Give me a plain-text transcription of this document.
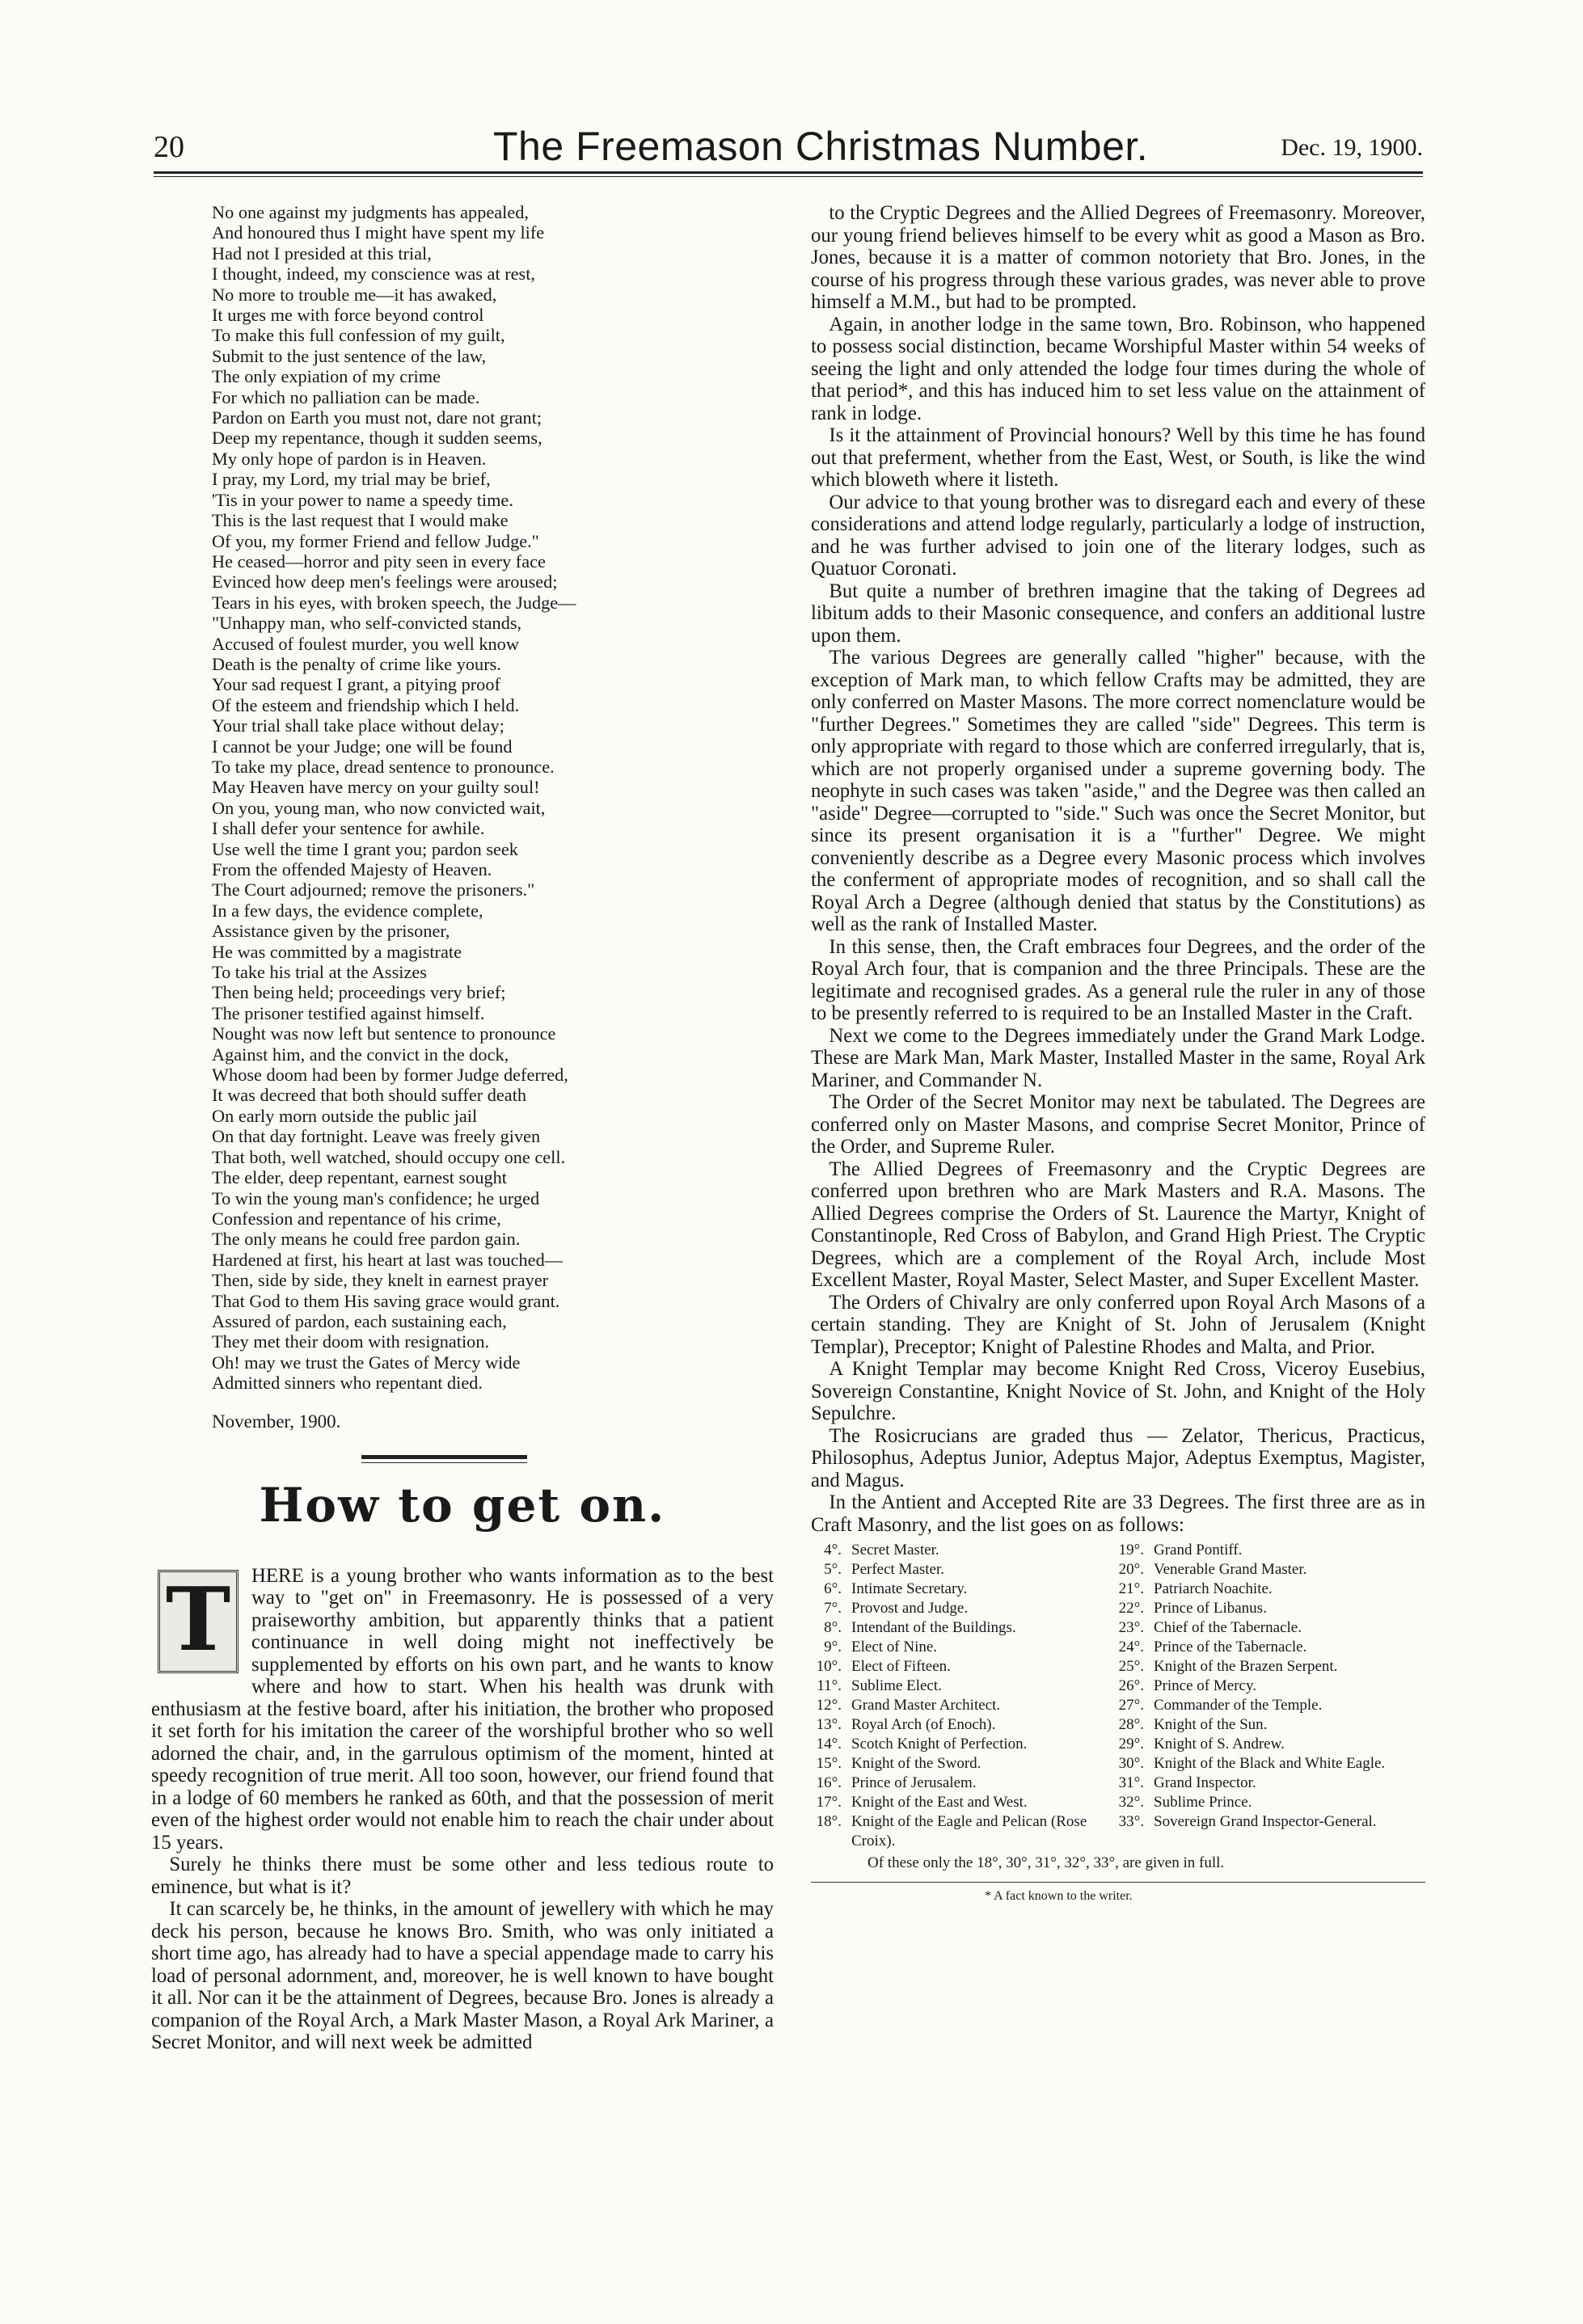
20	The Freemason Christmas Number.	Dec. 19, 1900.
No one against my judgments has appealed,
And honoured thus I might have spent my life
Had not I presided at this trial,
I thought, indeed, my conscience was at rest,
No more to trouble me—it has awaked,
It urges me with force beyond control
To make this full confession of my guilt,
Submit to the just sentence of the law,
The only expiation of my crime
For which no palliation can be made.
Pardon on Earth you must not, dare not grant;
Deep my repentance, though it sudden seems,
My only hope of pardon is in Heaven.
I pray, my Lord, my trial may be brief,
'Tis in your power to name a speedy time.
This is the last request that I would make
Of you, my former Friend and fellow Judge."
He ceased—horror and pity seen in every face
Evinced how deep men's feelings were aroused;
Tears in his eyes, with broken speech, the Judge—
"Unhappy man, who self-convicted stands,
Accused of foulest murder, you well know
Death is the penalty of crime like yours.
Your sad request I grant, a pitying proof
Of the esteem and friendship which I held.
Your trial shall take place without delay;
I cannot be your Judge; one will be found
To take my place, dread sentence to pronounce.
May Heaven have mercy on your guilty soul!
On you, young man, who now convicted wait,
I shall defer your sentence for awhile.
Use well the time I grant you; pardon seek
From the offended Majesty of Heaven.
The Court adjourned; remove the prisoners."
In a few days, the evidence complete,
Assistance given by the prisoner,
He was committed by a magistrate
To take his trial at the Assizes
Then being held; proceedings very brief;
The prisoner testified against himself.
Nought was now left but sentence to pronounce
Against him, and the convict in the dock,
Whose doom had been by former Judge deferred,
It was decreed that both should suffer death
On early morn outside the public jail
On that day fortnight. Leave was freely given
That both, well watched, should occupy one cell.
The elder, deep repentant, earnest sought
To win the young man's confidence; he urged
Confession and repentance of his crime,
The only means he could free pardon gain.
Hardened at first, his heart at last was touched—
Then, side by side, they knelt in earnest prayer
That God to them His saving grace would grant.
Assured of pardon, each sustaining each,
They met their doom with resignation.
Oh! may we trust the Gates of Mercy wide
Admitted sinners who repentant died.
November, 1900.
How to get on.

T	HERE is a young brother who wants information as to the best way to "get on" in Freemasonry. He is possessed of a very praiseworthy ambition, but apparently thinks that a patient continuance in well doing might not ineffectively be supplemented by efforts on his own part, and he wants to know where and how to start. When his health was drunk with enthusiasm at the festive board, after his initiation, the brother who proposed it set forth for his imitation the career of the worshipful brother who so well adorned the chair, and, in the garrulous optimism of the moment, hinted at speedy recognition of true merit. All too soon, however, our friend found that in a lodge of 60 members he ranked as 60th, and that the possession of merit even of the highest order would not enable him to reach the chair under about 15 years.

Surely he thinks there must be some other and less tedious route to eminence, but what is it?

It can scarcely be, he thinks, in the amount of jewellery with which he may deck his person, because he knows Bro. Smith, who was only initiated a short time ago, has already had to have a special appendage made to carry his load of personal adornment, and, moreover, he is well known to have bought it all. Nor can it be the attainment of Degrees, because Bro. Jones is already a companion of the Royal Arch, a Mark Master Mason, a Royal Ark Mariner, a Secret Monitor, and will next week be admitted

to the Cryptic Degrees and the Allied Degrees of Freemasonry. Moreover, our young friend believes himself to be every whit as good a Mason as Bro. Jones, because it is a matter of common notoriety that Bro. Jones, in the course of his progress through these various grades, was never able to prove himself a M.M., but had to be prompted.

Again, in another lodge in the same town, Bro. Robinson, who happened to possess social distinction, became Worshipful Master within 54 weeks of seeing the light and only attended the lodge four times during the whole of that period*, and this has induced him to set less value on the attainment of rank in lodge.

Is it the attainment of Provincial honours? Well by this time he has found out that preferment, whether from the East, West, or South, is like the wind which bloweth where it listeth.

Our advice to that young brother was to disregard each and every of these considerations and attend lodge regularly, particularly a lodge of instruction, and he was further advised to join one of the literary lodges, such as Quatuor Coronati.

But quite a number of brethren imagine that the taking of Degrees ad libitum adds to their Masonic consequence, and confers an additional lustre upon them.

The various Degrees are generally called "higher" because, with the exception of Mark man, to which fellow Crafts may be admitted, they are only conferred on Master Masons. The more correct nomenclature would be "further Degrees." Sometimes they are called "side" Degrees. This term is only appropriate with regard to those which are conferred irregularly, that is, which are not properly organised under a supreme governing body. The neophyte in such cases was taken "aside," and the Degree was then called an "aside" Degree—corrupted to "side." Such was once the Secret Monitor, but since its present organisation it is a "further" Degree. We might conveniently describe as a Degree every Masonic process which involves the conferment of appropriate modes of recognition, and so shall call the Royal Arch a Degree (although denied that status by the Constitutions) as well as the rank of Installed Master.

In this sense, then, the Craft embraces four Degrees, and the order of the Royal Arch four, that is companion and the three Principals. These are the legitimate and recognised grades. As a general rule the ruler in any of those to be presently referred to is required to be an Installed Master in the Craft.

Next we come to the Degrees immediately under the Grand Mark Lodge. These are Mark Man, Mark Master, Installed Master in the same, Royal Ark Mariner, and Commander N.

The Order of the Secret Monitor may next be tabulated. The Degrees are conferred only on Master Masons, and comprise Secret Monitor, Prince of the Order, and Supreme Ruler.

The Allied Degrees of Freemasonry and the Cryptic Degrees are conferred upon brethren who are Mark Masters and R.A. Masons. The Allied Degrees comprise the Orders of St. Laurence the Martyr, Knight of Constantinople, Red Cross of Babylon, and Grand High Priest. The Cryptic Degrees, which are a complement of the Royal Arch, include Most Excellent Master, Royal Master, Select Master, and Super Excellent Master.

The Orders of Chivalry are only conferred upon Royal Arch Masons of a certain standing. They are Knight of St. John of Jerusalem (Knight Templar), Preceptor; Knight of Palestine Rhodes and Malta, and Prior.

A Knight Templar may become Knight Red Cross, Viceroy Eusebius, Sovereign Constantine, Knight Novice of St. John, and Knight of the Holy Sepulchre.

The Rosicrucians are graded thus — Zelator, Thericus, Practicus, Philosophus, Adeptus Junior, Adeptus Major, Adeptus Exemptus, Magister, and Magus.

In the Antient and Accepted Rite are 33 Degrees. The first three are as in Craft Masonry, and the list goes on as follows:

4°.	Secret Master.	19°.	Grand Pontiff.
5°.	Perfect Master.	20°.	Venerable Grand Master.
6°.	Intimate Secretary.	21°.	Patriarch Noachite.
7°.	Provost and Judge.	22°.	Prince of Libanus.
8°.	Intendant of the Buildings.	23°.	Chief of the Tabernacle.
9°.	Elect of Nine.	24°.	Prince of the Tabernacle.
10°.	Elect of Fifteen.	25°.	Knight of the Brazen Serpent.
11°.	Sublime Elect.	26°.	Prince of Mercy.
12°.	Grand Master Architect.	27°.	Commander of the Temple.
13°.	Royal Arch (of Enoch).	28°.	Knight of the Sun.
14°.	Scotch Knight of Perfection.	29°.	Knight of S. Andrew.
15°.	Knight of the Sword.	30°.	Knight of the Black and White Eagle.
16°.	Prince of Jerusalem.	31°.	Grand Inspector.
17°.	Knight of the East and West.	32°.	Sublime Prince.
18°.	Knight of the Eagle and Pelican (Rose Croix).	33°.	Sovereign Grand Inspector-General.
Of these only the 18°, 30°, 31°, 32°, 33°, are given in full.
* A fact known to the writer.
